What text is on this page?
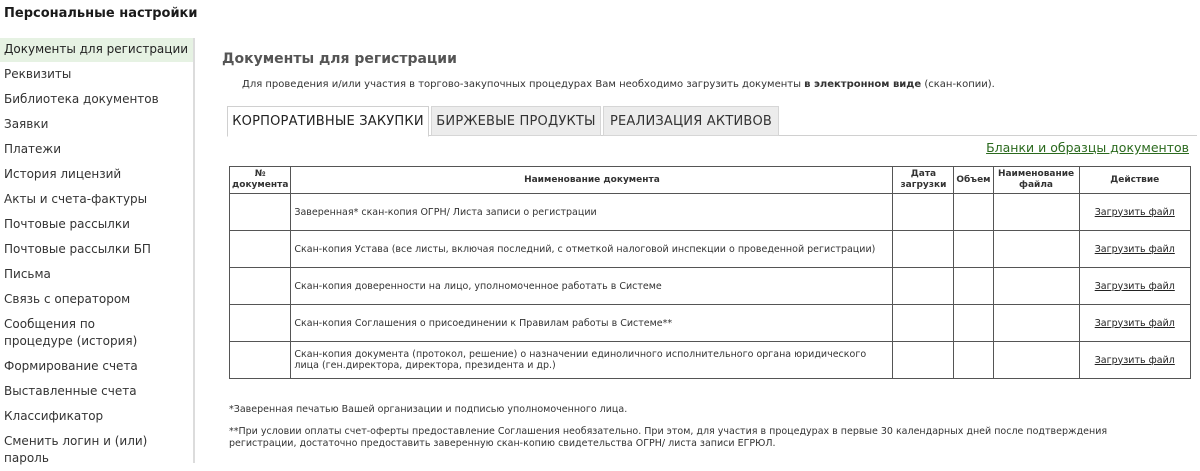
Персональные настройки
Документы для регистрации
Реквизиты
Библиотека документов
Заявки
Платежи
История лицензий
Акты и счета-фактуры
Почтовые рассылки
Почтовые рассылки БП
Письма
Связь с оператором
Сообщения по процедуре (история)
Формирование счета
Выставленные счета
Классификатор
Сменить логин и (или) пароль
Документы для регистрации
Для проведения и/или участия в торгово-закупочных процедурах Вам необходимо загрузить документы в электронном виде (скан-копии).
КОРПОРАТИВНЫЕ ЗАКУПКИ БИРЖЕВЫЕ ПРОДУКТЫ	РЕАЛИЗАЦИЯ АКТИВОВ
Бланки и образцы документов
№ документа	Наименование документа	Дата загрузки	Объем	Наименование файла	Действие
	Заверенная* скан-копия ОГРН/ Листа записи о регистрации				Загрузить файл
	Скан-копия Устава (все листы, включая последний, с отметкой налоговой инспекции о проведенной регистрации)				Загрузить файл
	Скан-копия доверенности на лицо, уполномоченное работать в Системе				Загрузить файл
	Скан-копия Соглашения о присоединении к Правилам работы в Системе**				Загрузить файл
	Скан-копия документа (протокол, решение) о назначении единоличного исполнительного органа юридического лица (ген.директора, директора, президента и др.)				Загрузить файл
*Заверенная печатью Вашей организации и подписью уполномоченного лица.
**При условии оплаты счет-оферты предоставление Соглашения необязательно. При этом, для участия в процедурах в первые 30 календарных дней после подтверждения регистрации, достаточно предоставить заверенную скан-копию свидетельства ОГРН/ листа записи ЕГРЮЛ.
